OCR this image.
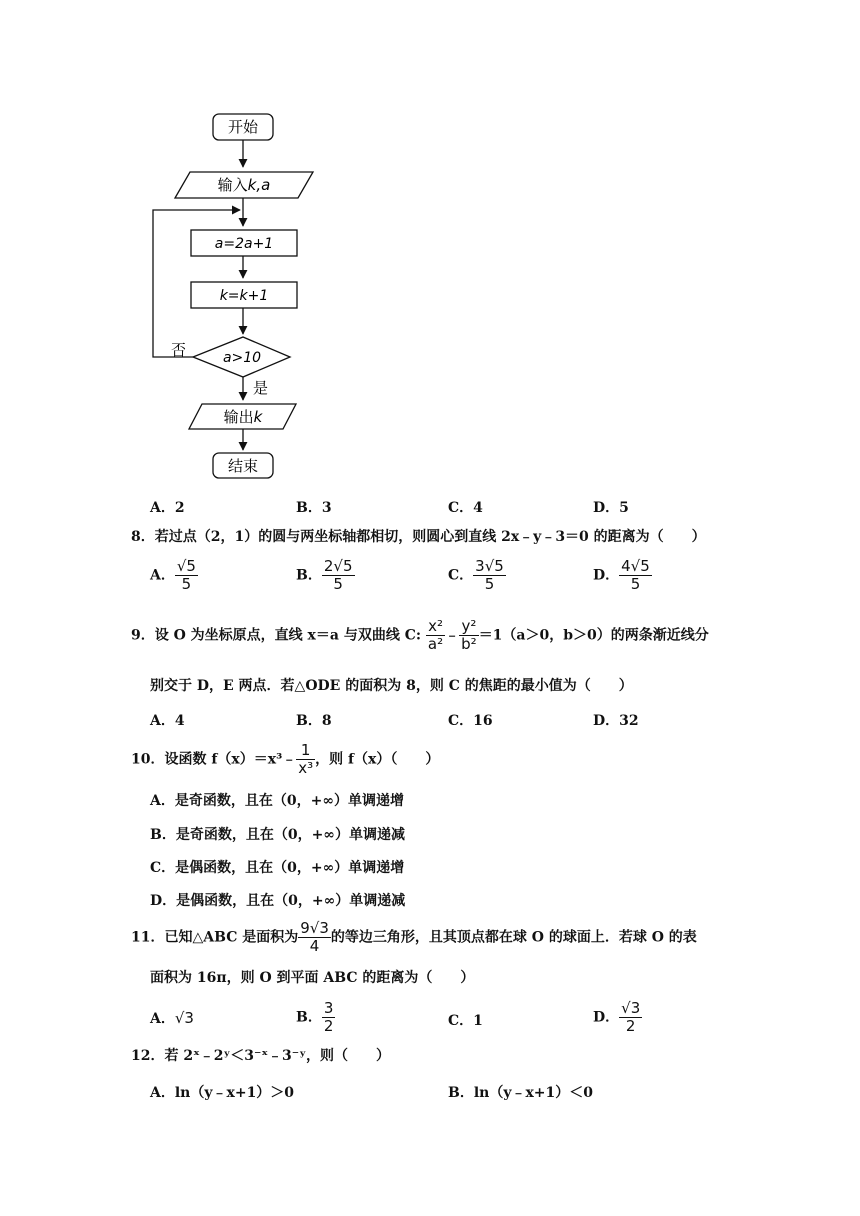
开始
输入k,a
a=2a+1
k=k+1
a>10
否
是
输出k
结束
A．2	B．3	C．4	D．5
8．若过点（2，1）的圆与两坐标轴都相切，则圆心到直线 2x﹣y﹣3＝0 的距离为（　　）
A． $\frac{√5}{5}$	B． $\frac{2√5}{5}$	C． $\frac{3√5}{5}$	D． $\frac{4√5}{5}$
9．设 O 为坐标原点，直线 x＝a 与双曲线 C: $\frac{\text{x²}}{\text{a²}}$ ﹣ $\frac{\text{y²}}{\text{b²}} =1(a>0$，b＞0）的两条渐近线分
别交于 D，E 两点．若△ODE 的面积为 8，则 C 的焦距的最小值为（　　）
A．4	B．8	C．16	D．32
10．设函数 f（x）＝x³﹣ $\frac{1}{\text{x³}}$ ，则 f（x）（　　）
A．是奇函数，且在（0，+∞）单调递增
B．是奇函数，且在（0，+∞）单调递减
C．是偶函数，且在（0，+∞）单调递增
D．是偶函数，且在（0，+∞）单调递减
11．已知△ABC 是面积为 $\frac{9√3}{4}$ 的等边三角形，且其顶点都在球 O 的球面上．若球 O 的表
面积为 16π，则 O 到平面 ABC 的距离为（　　）
A．√3	B． $\frac{3}{2}$	C．1	D． $\frac{√3}{2}$
12．若 2ˣ﹣2ʸ＜3⁻ˣ﹣3⁻ʸ，则（　　）
A．ln（y﹣x+1）＞0	B．ln（y﹣x+1）＜0
